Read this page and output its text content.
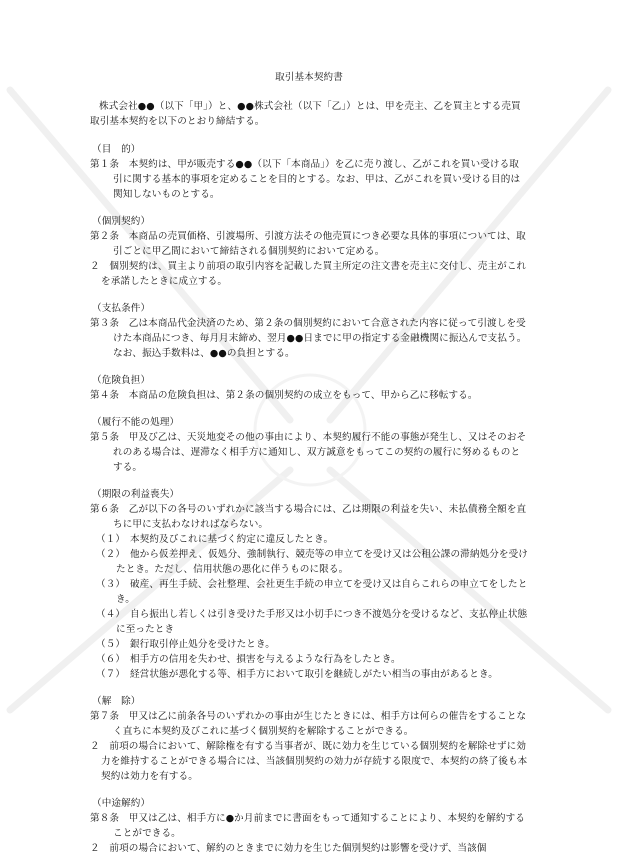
取引基本契約書
株式会社●●（以下「甲」）と、●●株式会社（以下「乙」）とは、甲を売主、乙を買主とする売買取引基本契約を以下のとおり締結する。
（目　的）
第１条　本契約は、甲が販売する●●（以下「本商品」）を乙に売り渡し、乙がこれを買い受ける取引に関する基本的事項を定めることを目的とする。なお、甲は、乙がこれを買い受ける目的は関知しないものとする。
（個別契約）
第２条　本商品の売買価格、引渡場所、引渡方法その他売買につき必要な具体的事項については、取引ごとに甲乙間において締結される個別契約において定める。
２　個別契約は、買主より前項の取引内容を記載した買主所定の注文書を売主に交付し、売主がこれを承諾したときに成立する。
（支払条件）
第３条　乙は本商品代金決済のため、第２条の個別契約において合意された内容に従って引渡しを受けた本商品につき、毎月月末締め、翌月●●日までに甲の指定する金融機関に振込んで支払う。なお、振込手数料は、●●の負担とする。
（危険負担）
第４条　本商品の危険負担は、第２条の個別契約の成立をもって、甲から乙に移転する。
（履行不能の処理）
第５条　甲及び乙は、天災地変その他の事由により、本契約履行不能の事態が発生し、又はそのおそれのある場合は、遅滞なく相手方に通知し、双方誠意をもってこの契約の履行に努めるものとする。
（期限の利益喪失）
第６条　乙が以下の各号のいずれかに該当する場合には、乙は期限の利益を失い、未払債務全額を直ちに甲に支払わなければならない。
（１）　本契約及びこれに基づく約定に違反したとき。
（２）　他から仮差押え、仮処分、強制執行、競売等の申立てを受け又は公租公課の滞納処分を受けたとき。ただし、信用状態の悪化に伴うものに限る。
（３）　破産、再生手続、会社整理、会社更生手続の申立てを受け又は自らこれらの申立てをしたとき。
（４）　自ら振出し若しくは引き受けた手形又は小切手につき不渡処分を受けるなど、支払停止状態に至ったとき
（５）　銀行取引停止処分を受けたとき。
（６）　相手方の信用を失わせ、損害を与えるような行為をしたとき。
（７）　経営状態が悪化する等、相手方において取引を継続しがたい相当の事由があるとき。
（解　除）
第７条　甲又は乙に前条各号のいずれかの事由が生じたときには、相手方は何らの催告をすることなく直ちに本契約及びこれに基づく個別契約を解除することができる。
２　前項の場合において、解除権を有する当事者が、既に効力を生じている個別契約を解除せずに効力を維持することができる場合には、当該個別契約の効力が存続する限度で、本契約の終了後も本契約は効力を有する。
（中途解約）
第８条　甲又は乙は、相手方に●か月前までに書面をもって通知することにより、本契約を解約することができる。
２　前項の場合において、解約のときまでに効力を生じた個別契約は影響を受けず、当該個
